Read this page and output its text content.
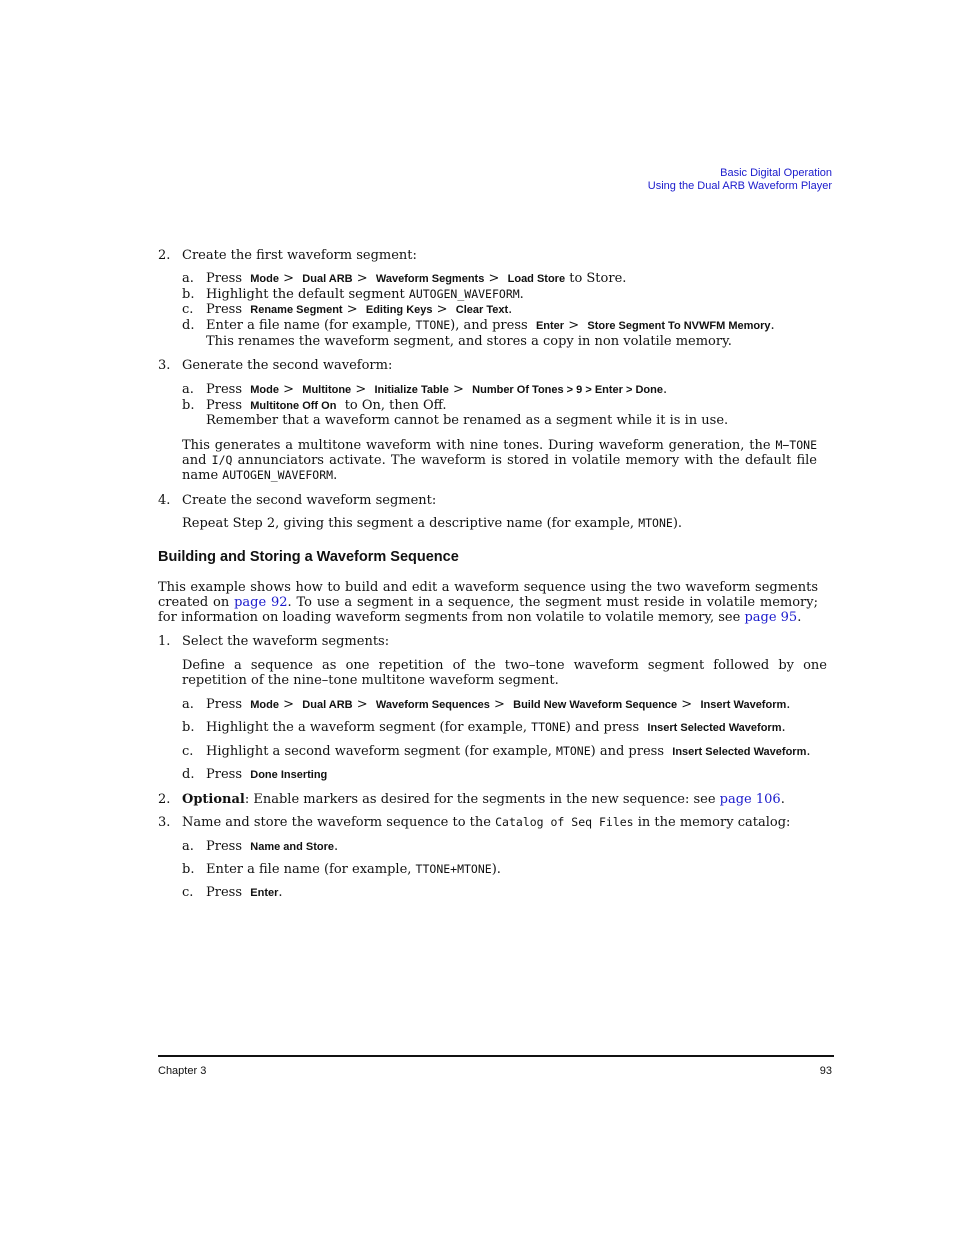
Basic Digital Operation
Using the Dual ARB Waveform Player
2. Create the first waveform segment:
a. Press Mode >  Dual ARB >  Waveform Segments >  Load Store to Store.
b. Highlight the default segment AUTOGEN_WAVEFORM.
c. Press Rename Segment >  Editing Keys >  Clear Text.
d. Enter a file name (for example, TTONE), and press Enter >  Store Segment To NVWFM Memory.
This renames the waveform segment, and stores a copy in non volatile memory.
3. Generate the second waveform:
a. Press Mode >  Multitone >  Initialize Table >  Number Of Tones > 9 > Enter > Done.
b. Press Multitone Off On to On, then Off.
Remember that a waveform cannot be renamed as a segment while it is in use.
This generates a multitone waveform with nine tones. During waveform generation, the M−TONE and I/Q annunciators activate. The waveform is stored in volatile memory with the default file name AUTOGEN_WAVEFORM.
4. Create the second waveform segment:
Repeat Step 2, giving this segment a descriptive name (for example, MTONE).
Building and Storing a Waveform Sequence
This example shows how to build and edit a waveform sequence using the two waveform segments created on page 92. To use a segment in a sequence, the segment must reside in volatile memory; for information on loading waveform segments from non volatile to volatile memory, see page 95.
1. Select the waveform segments:
Define a sequence as one repetition of the two–tone waveform segment followed by one repetition of the nine–tone multitone waveform segment.
a. Press Mode >  Dual ARB >  Waveform Sequences >  Build New Waveform Sequence >  Insert Waveform.
b. Highlight the a waveform segment (for example, TTONE) and press Insert Selected Waveform.
c. Highlight a second waveform segment (for example, MTONE) and press Insert Selected Waveform.
d. Press Done Inserting
2. Optional: Enable markers as desired for the segments in the new sequence: see page 106.
3. Name and store the waveform sequence to the Catalog of Seq Files in the memory catalog:
a. Press Name and Store.
b. Enter a file name (for example, TTONE+MTONE).
c. Press Enter.
Chapter 3	93
